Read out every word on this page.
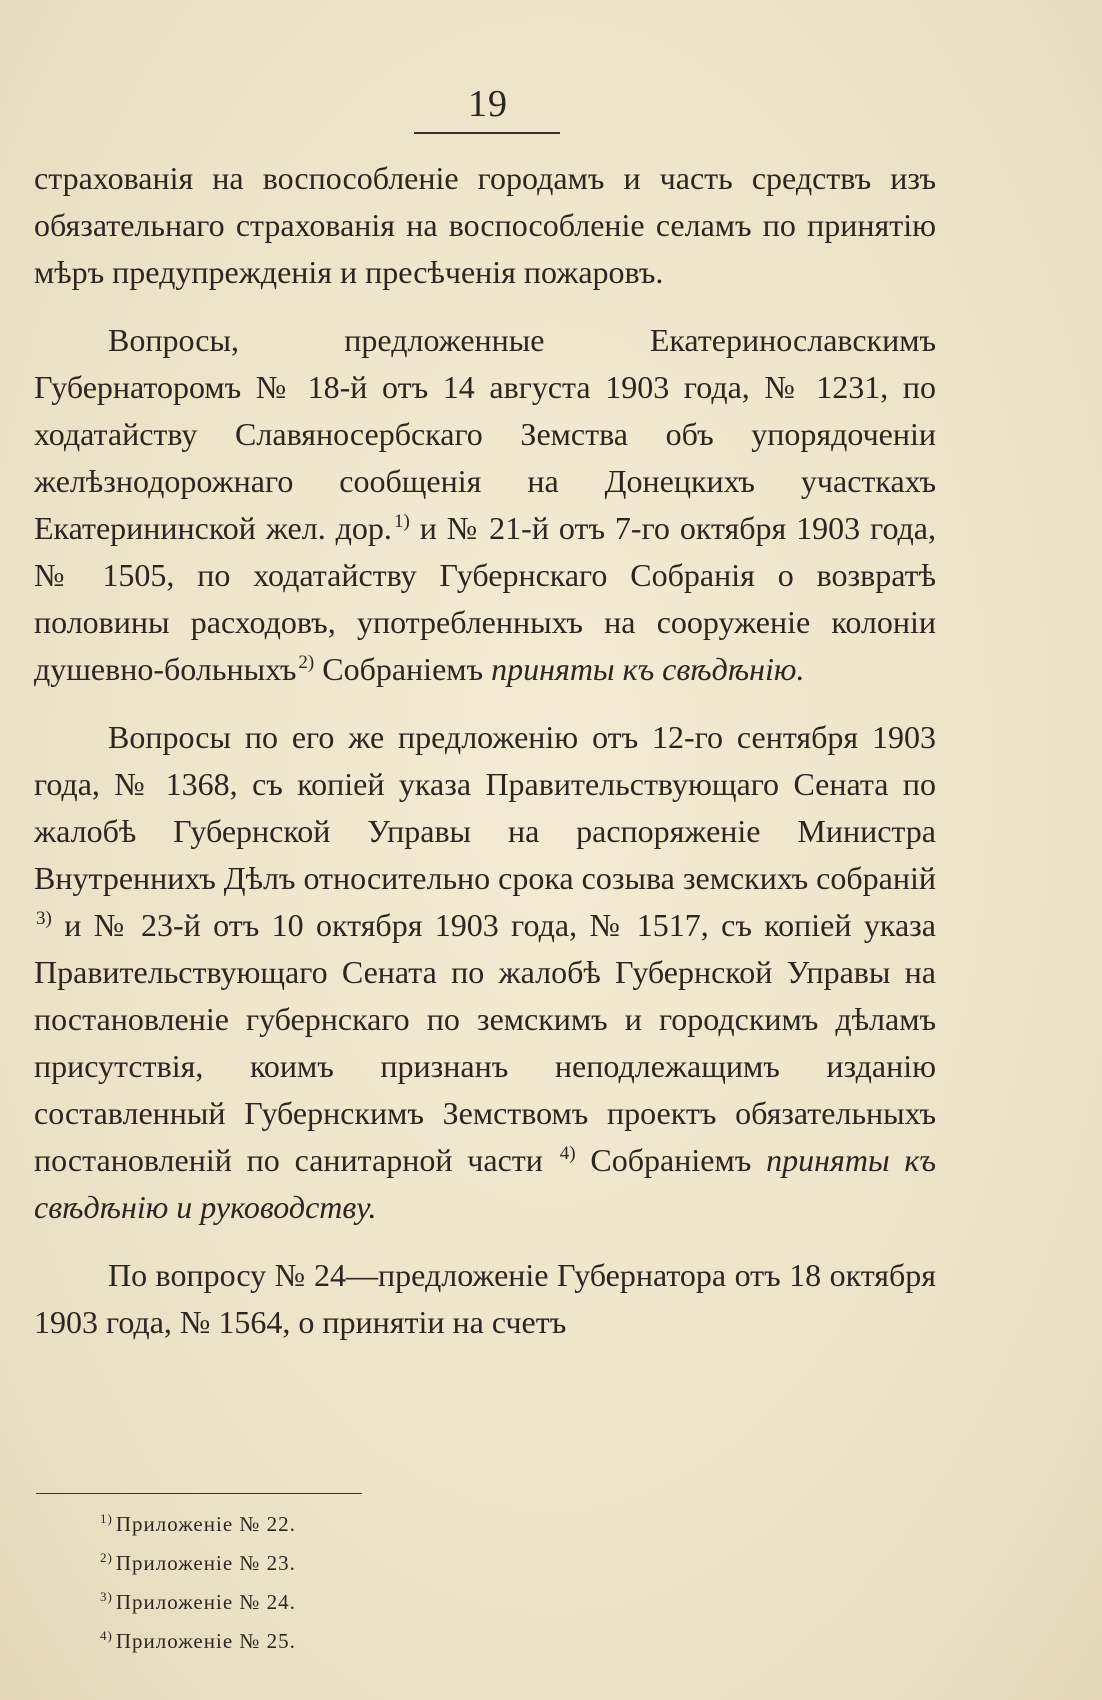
19

страхованія на воспособленіе городамъ и часть средствъ изъ обязательнаго страхованія на воспособленіе селамъ по принятію мѣръ предупрежденія и пресѣченія пожаровъ.

Вопросы, предложенные Екатеринославскимъ Губернаторомъ № 18-й отъ 14 августа 1903 года, № 1231, по ходатайству Славяносербскаго Земства объ упорядоченіи желѣзнодорожнаго сообщенія на Донецкихъ участкахъ Екатерининской жел. дор. $^{1)}$ и № 21-й отъ 7-го октября 1903 года, № 1505, по ходатайству Губернскаго Собранія о возвратѣ половины расходовъ, употребленныхъ на сооруженіе колоніи душевно-больныхъ $^{2)}$ Собраніемъ приняты къ свѣдѣнію.

Вопросы по его же предложенію отъ 12-го сентября 1903 года, № 1368, съ копіей указа Правительствующаго Сената по жалобѣ Губернской Управы на распоряженіе Министра Внутреннихъ Дѣлъ относительно срока созыва земскихъ собраній $^{3)}$ и № 23-й отъ 10 октября 1903 года, № 1517, съ копіей указа Правительствующаго Сената по жалобѣ Губернской Управы на постановленіе губернскаго по земскимъ и городскимъ дѣламъ присутствія, коимъ признанъ неподлежащимъ изданію составленный Губернскимъ Земствомъ проектъ обязательныхъ постановленій по санитарной части $^{4)}$ Собраніемъ приняты къ свѣдѣнію и руководству.

По вопросу № 24—предложеніе Губернатора отъ 18 октября 1903 года, № 1564, о принятіи на счетъ

$^{1)}$ Приложеніе № 22.
$^{2)}$ Приложеніе № 23.
$^{3)}$ Приложеніе № 24.
$^{4)}$ Приложеніе № 25.
